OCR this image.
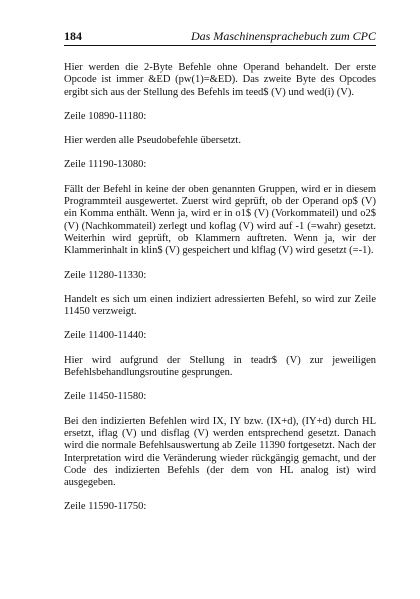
184	Das Maschinensprachebuch zum CPC

Hier werden die 2-Byte Befehle ohne Operand behandelt. Der erste Opcode ist immer &ED (pw(1)=&ED). Das zweite Byte des Opcodes ergibt sich aus der Stellung des Befehls im teed$ (V) und wed(i) (V).

Zeile 10890-11180:

Hier werden alle Pseudobefehle übersetzt.

Zeile 11190-13080:

Fällt der Befehl in keine der oben genannten Gruppen, wird er in diesem Programmteil ausgewertet. Zuerst wird geprüft, ob der Operand op$ (V) ein Komma enthält. Wenn ja, wird er in o1$ (V) (Vorkommateil) und o2$ (V) (Nachkommateil) zerlegt und koflag (V) wird auf -1 (=wahr) gesetzt. Weiterhin wird geprüft, ob Klammern auftreten. Wenn ja, wir der Klammerinhalt in klin$ (V) gespeichert und klflag (V) wird gesetzt (=-1).

Zeile 11280-11330:

Handelt es sich um einen indiziert adressierten Befehl, so wird zur Zeile 11450 verzweigt.

Zeile 11400-11440:

Hier wird aufgrund der Stellung in teadr$ (V) zur jeweiligen Befehlsbehandlungsroutine gesprungen.

Zeile 11450-11580:

Bei den indizierten Befehlen wird IX, IY bzw. (IX+d), (IY+d) durch HL ersetzt, iflag (V) und disflag (V) werden entsprechend gesetzt. Danach wird die normale Befehlsauswertung ab Zeile 11390 fortgesetzt. Nach der Interpretation wird die Veränderung wieder rückgängig gemacht, und der Code des indizierten Befehls (der dem von HL analog ist) wird ausgegeben.

Zeile 11590-11750:
